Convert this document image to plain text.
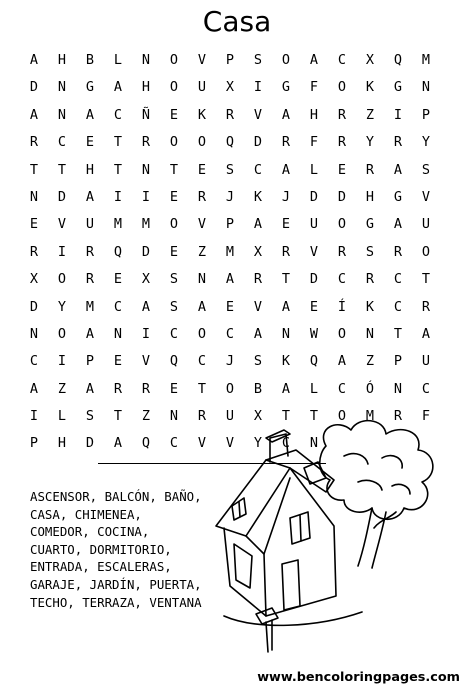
Casa
A	H	B	L	N	O	V	P	S	O	A	C	X	Q	M
D	N	G	A	H	O	U	X	I	G	F	O	K	G	N
A	N	A	C	Ñ	E	K	R	V	A	H	R	Z	I	P
R	C	E	T	R	O	O	Q	D	R	F	R	Y	R	Y
T	T	H	T	N	T	E	S	C	A	L	E	R	A	S
N	D	A	I	I	E	R	J	K	J	D	D	H	G	V
E	V	U	M	M	O	V	P	A	E	U	O	G	A	U
R	I	R	Q	D	E	Z	M	X	R	V	R	S	R	O
X	O	R	E	X	S	N	A	R	T	D	C	R	C	T
D	Y	M	C	A	S	A	E	V	A	E	Í	K	C	R
N	O	A	N	I	C	O	C	A	N	W	O	N	T	A
C	I	P	E	V	Q	C	J	S	K	Q	A	Z	P	U
A	Z	A	R	R	E	T	O	B	A	L	C	Ó	N	C
I	L	S	T	Z	N	R	U	X	T	T	O	M	R	F
P	H	D	A	Q	C	V	V	Y	C	N
ASCENSOR, BALCÓN, BAÑO,
CASA, CHIMENEA,
COMEDOR, COCINA,
CUARTO, DORMITORIO,
ENTRADA, ESCALERAS,
GARAJE, JARDÍN, PUERTA,
TECHO, TERRAZA, VENTANA
www.bencoloringpages.com
